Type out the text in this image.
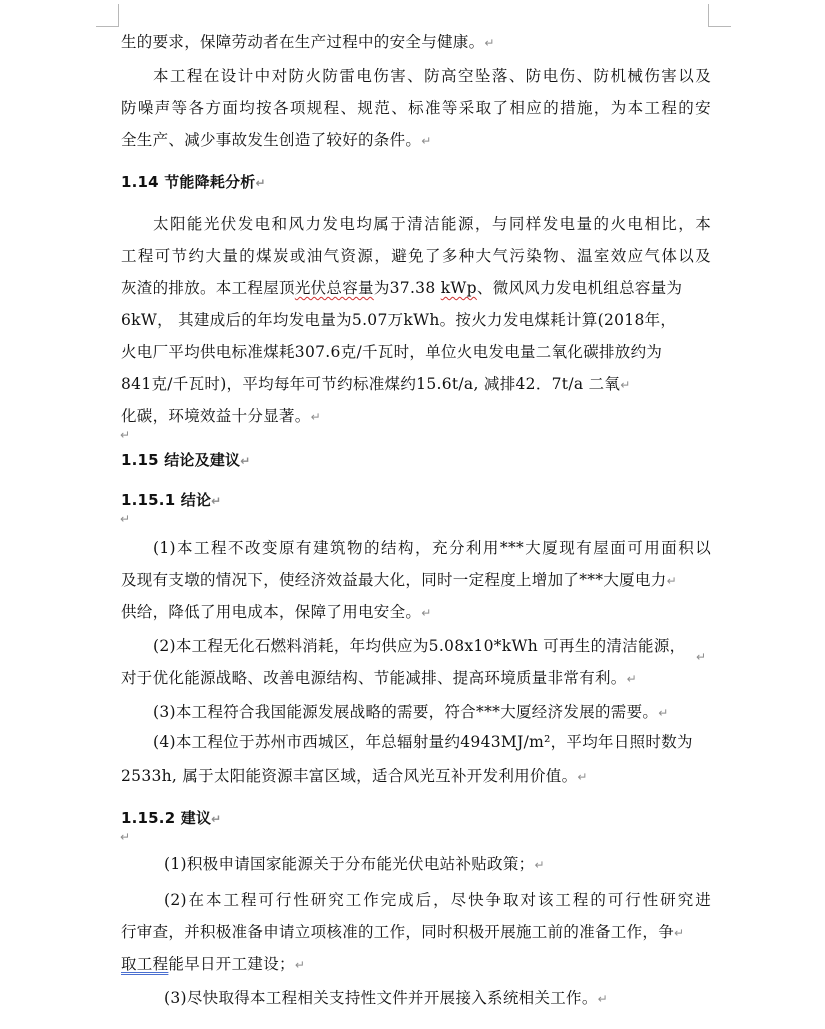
生的要求，保障劳动者在生产过程中的安全与健康。↵
本工程在设计中对防火防雷电伤害、防高空坠落、防电伤、防机械伤害以及
防噪声等各方面均按各项规程、规范、标准等采取了相应的措施，为本工程的安
全生产、减少事故发生创造了较好的条件。↵
1.14 节能降耗分析↵
太阳能光伏发电和风力发电均属于清洁能源，与同样发电量的火电相比，本
工程可节约大量的煤炭或油气资源，避免了多种大气污染物、温室效应气体以及
灰渣的排放。本工程屋顶光伏总容量为37.38 kWp、微风风力发电机组总容量为
6kW， 其建成后的年均发电量为5.07万kWh。按火力发电煤耗计算(2018年，
火电厂平均供电标准煤耗307.6克/千瓦时，单位火电发电量二氧化碳排放约为
841克/千瓦时)，平均每年可节约标准煤约15.6t/a, 减排42．7t/a 二氧↵
化碳，环境效益十分显著。↵
↵
1.15 结论及建议↵
1.15.1 结论↵
↵
(1)本工程不改变原有建筑物的结构，充分利用***大厦现有屋面可用面积以
及现有支墩的情况下，使经济效益最大化，同时一定程度上增加了***大厦电力↵
供给，降低了用电成本，保障了用电安全。↵
(2)本工程无化石燃料消耗，年均供应为5.08x10*kWh 可再生的清洁能源，
↵
对于优化能源战略、改善电源结构、节能减排、提高环境质量非常有利。↵
(3)本工程符合我国能源发展战略的需要，符合***大厦经济发展的需要。↵
(4)本工程位于苏州市西城区，年总辐射量约4943MJ/m²，平均年日照时数为
2533h, 属于太阳能资源丰富区域，适合风光互补开发利用价值。↵
1.15.2 建议↵
↵
(1)积极申请国家能源关于分布能光伏电站补贴政策；↵
(2)在本工程可行性研究工作完成后，尽快争取对该工程的可行性研究进
行审查，并积极准备申请立项核准的工作，同时积极开展施工前的准备工作，争↵
取工程能早日开工建设；↵
(3)尽快取得本工程相关支持性文件并开展接入系统相关工作。↵
